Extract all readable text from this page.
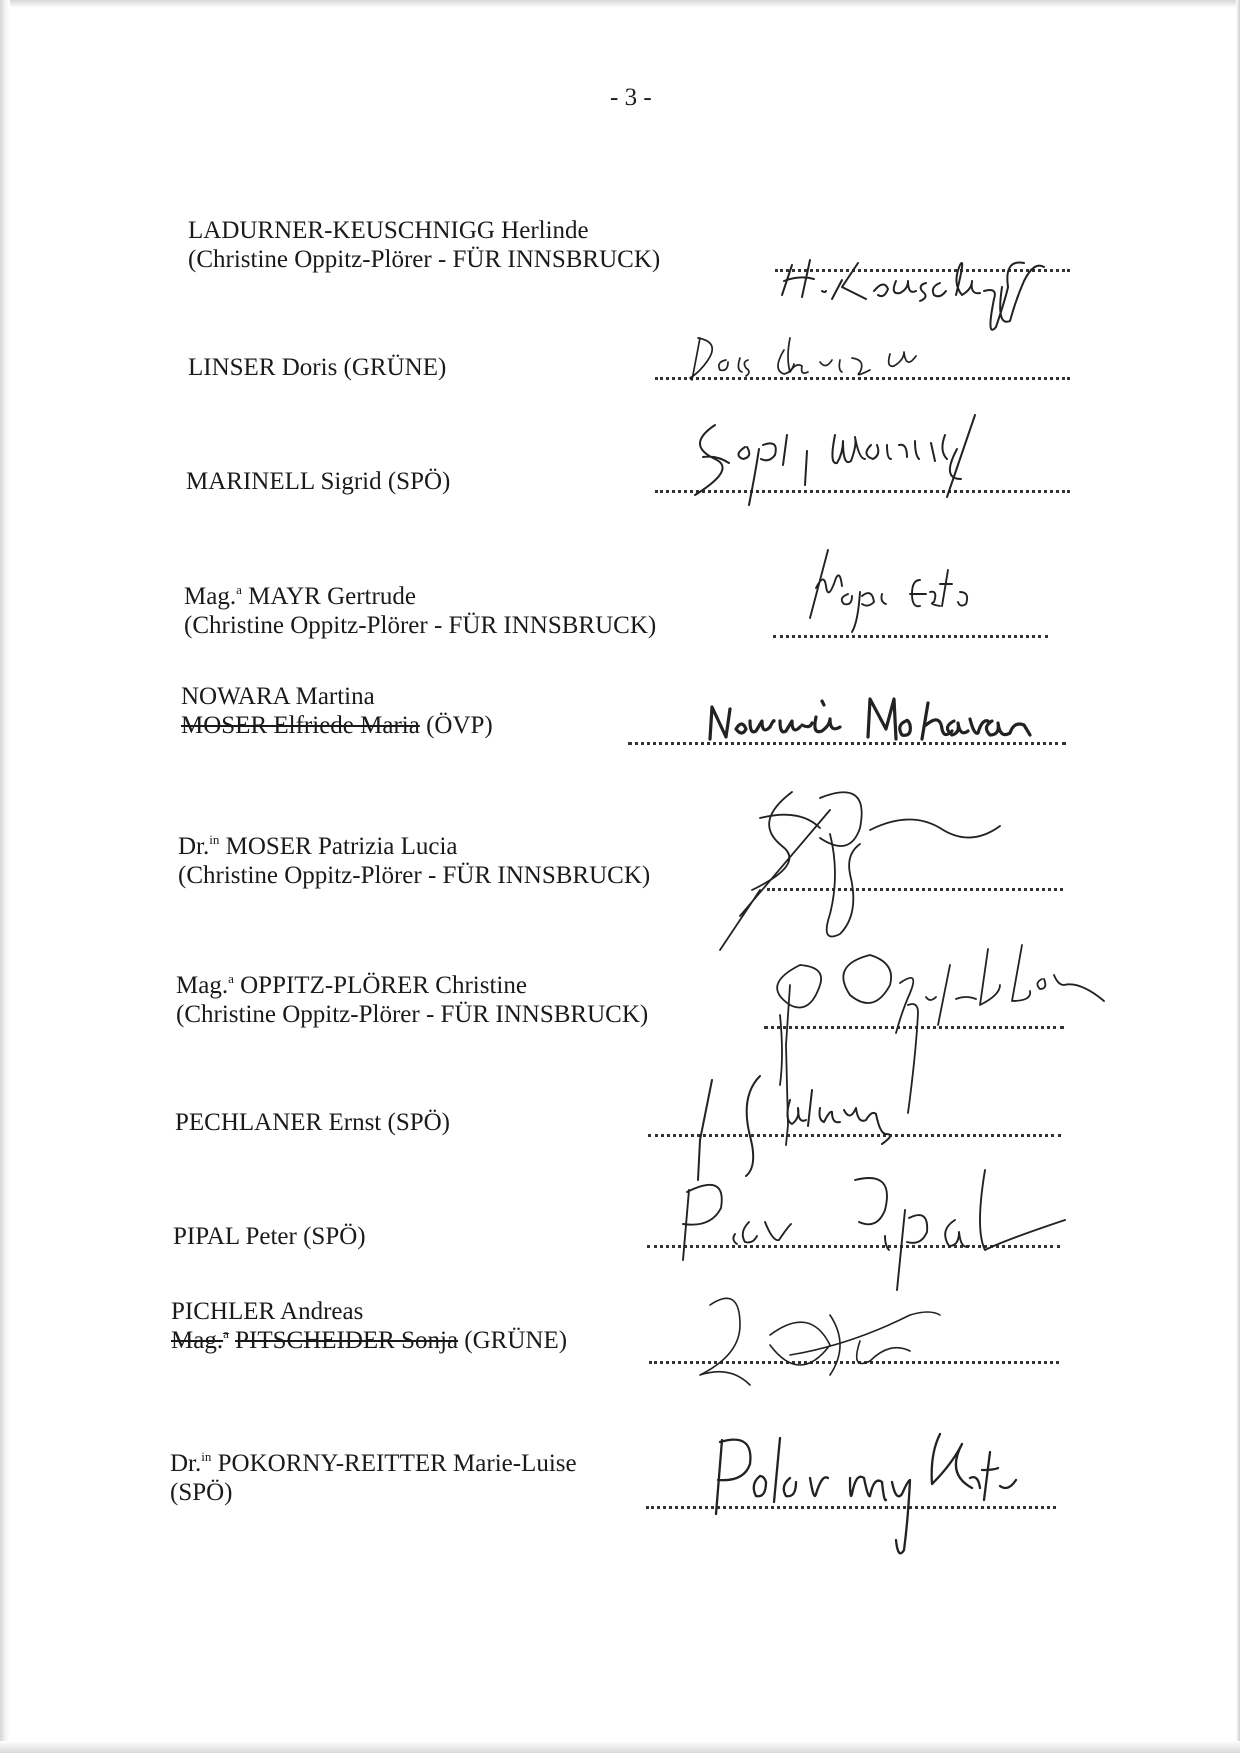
- 3 -
LADURNER-KEUSCHNIGG Herlinde
(Christine Oppitz-Plörer - FÜR INNSBRUCK)
LINSER Doris (GRÜNE)
MARINELL Sigrid (SPÖ)
Mag.$^a$ MAYR Gertrude
(Christine Oppitz-Plörer - FÜR INNSBRUCK)
NOWARA Martina
MOSER Elfriede Maria (ÖVP)
Dr.$^{in}$ MOSER Patrizia Lucia
(Christine Oppitz-Plörer - FÜR INNSBRUCK)
Mag.$^a$ OPPITZ-PLÖRER Christine
(Christine Oppitz-Plörer - FÜR INNSBRUCK)
PECHLANER Ernst (SPÖ)
PIPAL Peter (SPÖ)
PICHLER Andreas
Mag.$^a$ PITSCHEIDER Sonja (GRÜNE)
Dr.$^{in}$ POKORNY-REITTER Marie-Luise
(SPÖ)
